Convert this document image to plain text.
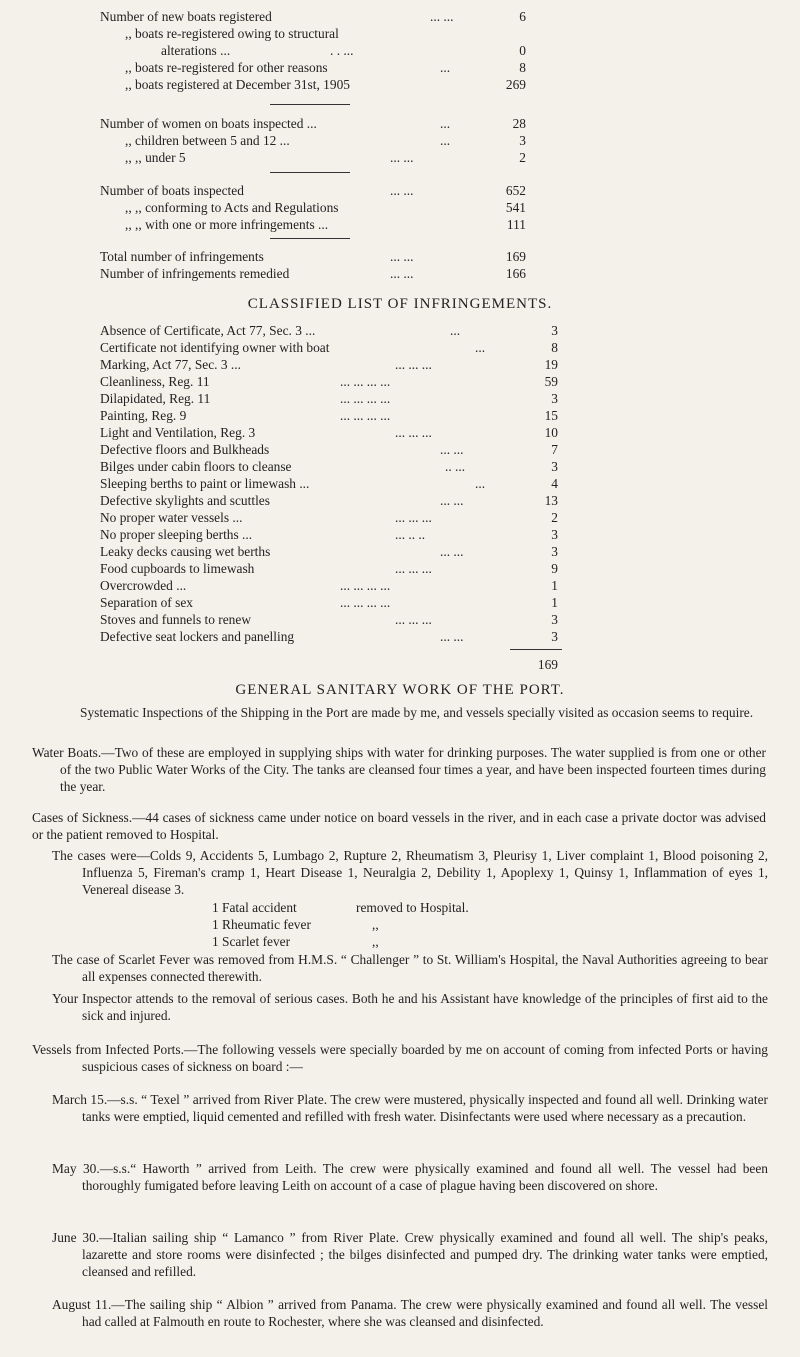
Number of new boats registered	... ...	6
,, boats re-registered owing to structural
alterations ...	. . ...	0
,, boats re-registered for other reasons	...	8
,, boats registered at December 31st, 1905	269
Number of women on boats inspected ...	...	28
,, children between 5 and 12 ...	...	3
,, ,, under 5	... ...	2
Number of boats inspected	... ...	652
,, ,, conforming to Acts and Regulations	541
,, ,, with one or more infringements ...	111
Total number of infringements	... ...	169
Number of infringements remedied	... ...	166
CLASSIFIED LIST OF INFRINGEMENTS.
Absence of Certificate, Act 77, Sec. 3 ...	...	3
Certificate not identifying owner with boat	...	8
Marking, Act 77, Sec. 3 ...	... ... ...	19
Cleanliness, Reg. 11	... ... ... ...	59
Dilapidated, Reg. 11	... ... ... ...	3
Painting, Reg. 9	... ... ... ...	15
Light and Ventilation, Reg. 3	... ... ...	10
Defective floors and Bulkheads	... ...	7
Bilges under cabin floors to cleanse	.. ...	3
Sleeping berths to paint or limewash ...	...	4
Defective skylights and scuttles	... ...	13
No proper water vessels ...	... ... ...	2
No proper sleeping berths ...	... .. ..	3
Leaky decks causing wet berths	... ...	3
Food cupboards to limewash	... ... ...	9
Overcrowded ...	... ... ... ...	1
Separation of sex	... ... ... ...	1
Stoves and funnels to renew	... ... ...	3
Defective seat lockers and panelling	... ...	3
169
GENERAL SANITARY WORK OF THE PORT.
Systematic Inspections of the Shipping in the Port are made by me, and vessels specially visited as occasion seems to require.
Water Boats.—Two of these are employed in supplying ships with water for drinking purposes. The water supplied is from one or other of the two Public Water Works of the City. The tanks are cleansed four times a year, and have been inspected fourteen times during the year.
Cases of Sickness.—44 cases of sickness came under notice on board vessels in the river, and in each case a private doctor was advised or the patient removed to Hospital.
The cases were—Colds 9, Accidents 5, Lumbago 2, Rupture 2, Rheumatism 3, Pleurisy 1, Liver complaint 1, Blood poisoning 2, Influenza 5, Fireman's cramp 1, Heart Disease 1, Neuralgia 2, Debility 1, Apoplexy 1, Quinsy 1, Inflammation of eyes 1, Venereal disease 3.
1 Fatal accident	removed to Hospital.
1 Rheumatic fever	,,
1 Scarlet fever	,,
The case of Scarlet Fever was removed from H.M.S. “ Challenger ” to St. William's Hospital, the Naval Authorities agreeing to bear all expenses connected therewith.
Your Inspector attends to the removal of serious cases. Both he and his Assistant have knowledge of the principles of first aid to the sick and injured.
Vessels from Infected Ports.—The following vessels were specially boarded by me on account of coming from infected Ports or having suspicious cases of sickness on board :—
March 15.—s.s. “ Texel ” arrived from River Plate. The crew were mustered, physically inspected and found all well. Drinking water tanks were emptied, liquid cemented and refilled with fresh water. Disinfectants were used where necessary as a precaution.
May 30.—s.s.“ Haworth ” arrived from Leith. The crew were physically examined and found all well. The vessel had been thoroughly fumigated before leaving Leith on account of a case of plague having been discovered on shore.
June 30.—Italian sailing ship “ Lamanco ” from River Plate. Crew physically examined and found all well. The ship's peaks, lazarette and store rooms were disinfected ; the bilges disinfected and pumped dry. The drinking water tanks were emptied, cleansed and refilled.
August 11.—The sailing ship “ Albion ” arrived from Panama. The crew were physically examined and found all well. The vessel had called at Falmouth en route to Rochester, where she was cleansed and disinfected.
